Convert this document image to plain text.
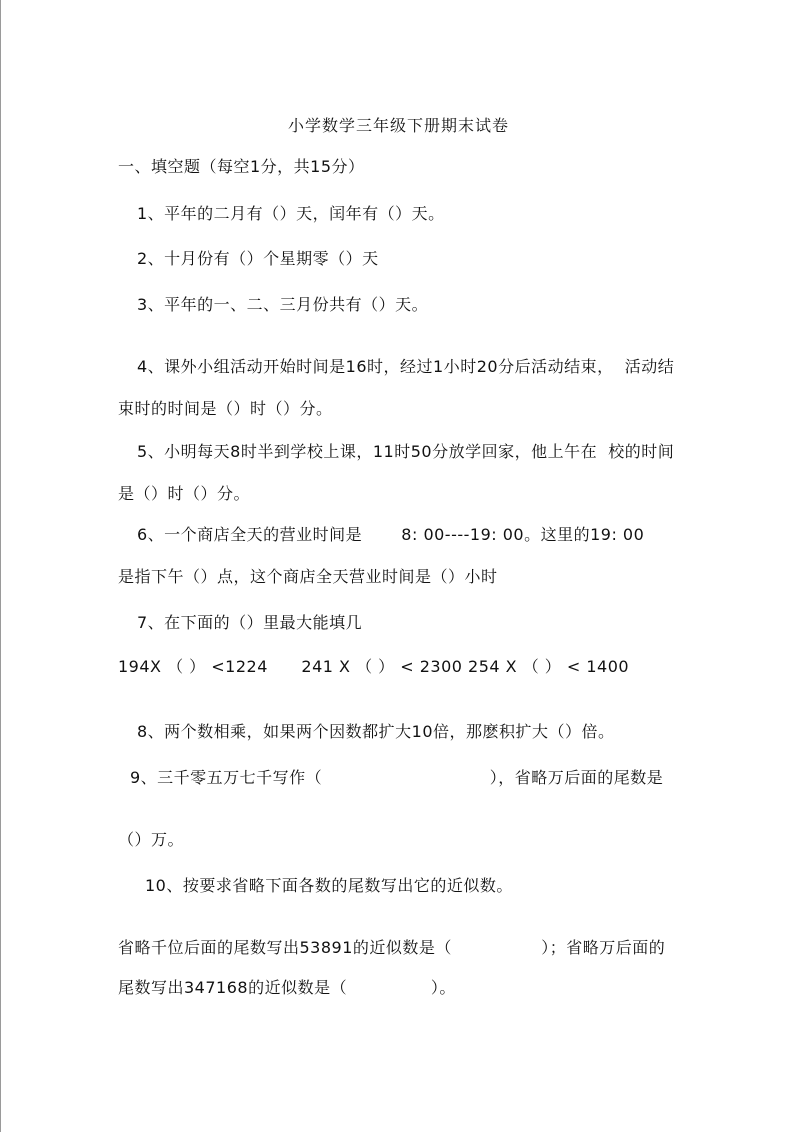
小学数学三年级下册期末试卷
一、填空题（每空1分，共15分）
1、平年的二月有（）天，闰年有（）天。
2、十月份有（）个星期零（）天
3、平年的一、二、三月份共有（）天。
4、课外小组活动开始时间是16时，经过1小时20分后活动结束，  活动结
束时的时间是（）时（）分。
5、小明每天8时半到学校上课，11时50分放学回家，他上午在  校的时间
是（）时（）分。
6、一个商店全天的营业时间是       8: 00----19: 00。这里的19: 00
是指下午（）点，这个商店全天营业时间是（）小时
7、在下面的（）里最大能填几
194X （ ） <1224      241 X （ ） < 2300 254 X （ ） < 1400
8、两个数相乘，如果两个因数都扩大10倍，那麽积扩大（）倍。
9、三千零五万七千写作（                              ），省略万后面的尾数是
（）万。
10、按要求省略下面各数的尾数写出它的近似数。
省略千位后面的尾数写出53891的近似数是（                ）；省略万后面的
尾数写出347168的近似数是（               ）。
